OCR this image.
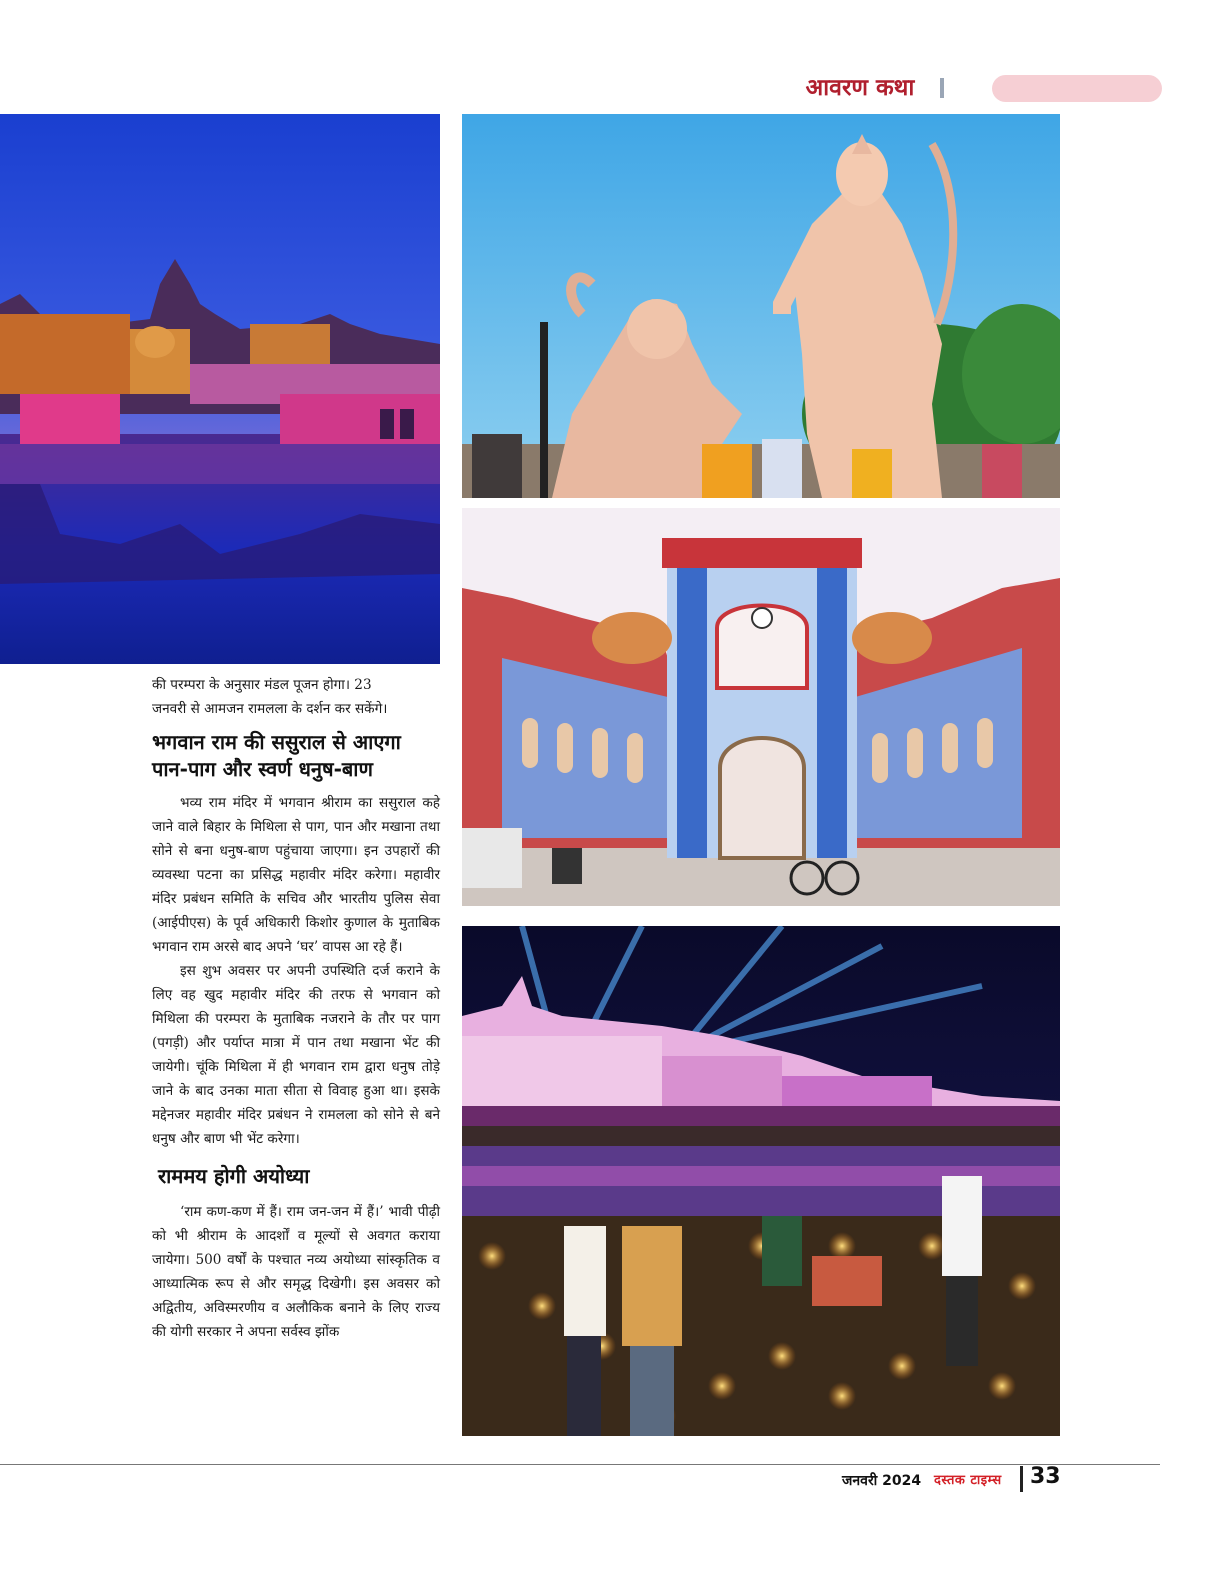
आवरण कथा
की परम्परा के अनुसार मंडल पूजन होगा। 23
जनवरी से आमजन रामलला के दर्शन कर सकेंगे।
भगवान राम की ससुराल से आएगा
पान-पाग और स्वर्ण धनुष-बाण

भव्य राम मंदिर में भगवान श्रीराम का ससुराल कहे जाने वाले बिहार के मिथिला से पाग, पान और मखाना तथा सोने से बना धनुष-बाण पहुंचाया जाएगा। इन उपहारों की व्यवस्था पटना का प्रसिद्ध महावीर मंदिर करेगा। महावीर मंदिर प्रबंधन समिति के सचिव और भारतीय पुलिस सेवा (आईपीएस) के पूर्व अधिकारी किशोर कुणाल के मुताबिक भगवान राम अरसे बाद अपने ‘घर’ वापस आ रहे हैं।

इस शुभ अवसर पर अपनी उपस्थिति दर्ज कराने के लिए वह खुद महावीर मंदिर की तरफ से भगवान को मिथिला की परम्परा के मुताबिक नजराने के तौर पर पाग (पगड़ी) और पर्याप्त मात्रा में पान तथा मखाना भेंट की जायेगी। चूंकि मिथिला में ही भगवान राम द्वारा धनुष तोड़े जाने के बाद उनका माता सीता से विवाह हुआ था। इसके मद्देनजर महावीर मंदिर प्रबंधन ने रामलला को सोने से बने धनुष और बाण भी भेंट करेगा।

राममय होगी अयोध्या

‘राम कण-कण में हैं। राम जन-जन में हैं।’ भावी पीढ़ी को भी श्रीराम के आदर्शों व मूल्यों से अवगत कराया जायेगा। 500 वर्षों के पश्चात नव्य अयोध्या सांस्कृतिक व आध्यात्मिक रूप से और समृद्ध दिखेगी। इस अवसर को अद्वितीय, अविस्मरणीय व अलौकिक बनाने के लिए राज्य की योगी सरकार ने अपना सर्वस्व झोंक

जनवरी 2024 दस्तक टाइम्स 33
